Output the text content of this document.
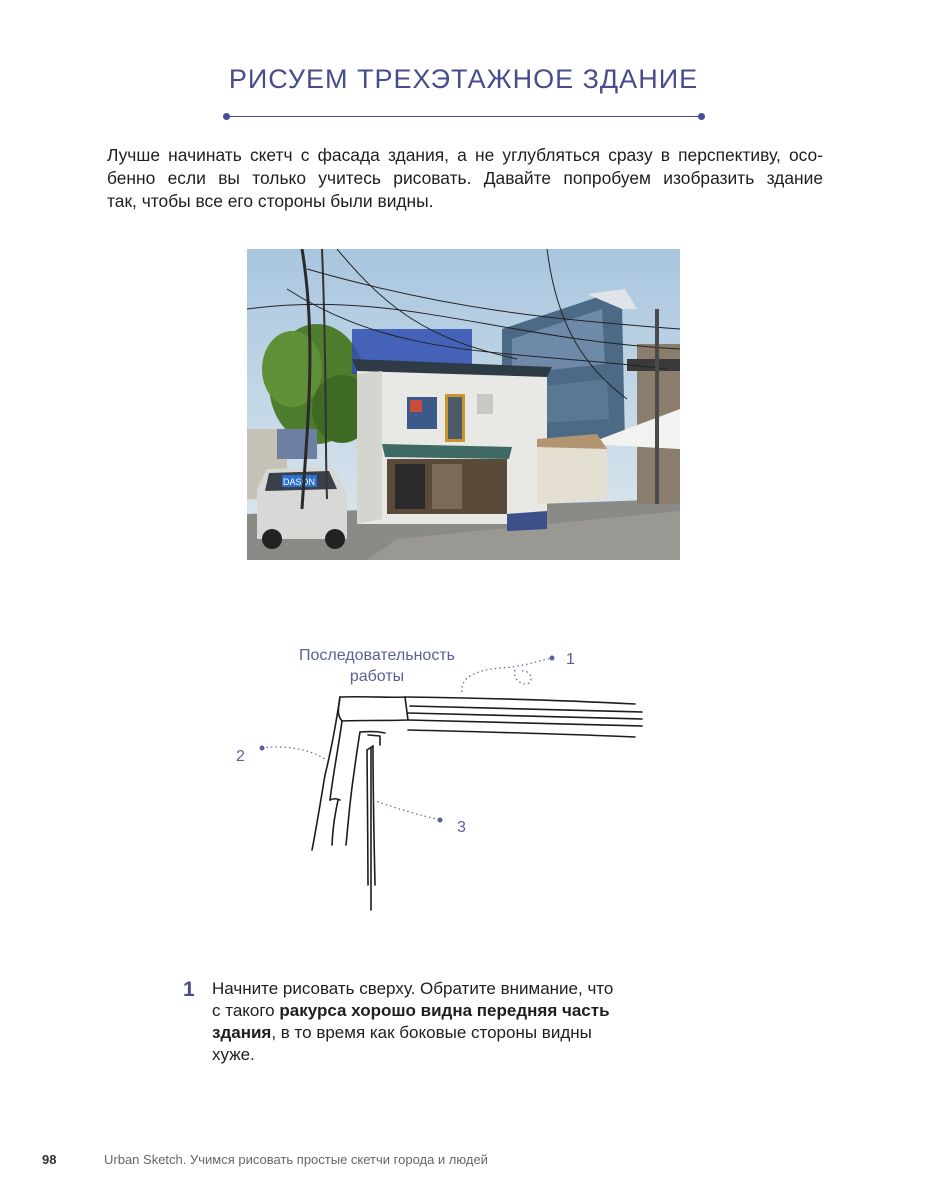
РИСУЕМ ТРЕХЭТАЖНОЕ ЗДАНИЕ
Лучше начинать скетч с фасада здания, а не углубляться сразу в перспективу, осо-
бенно если вы только учитесь рисовать. Давайте попробуем изобразить здание
так, чтобы все его стороны были видны.
DASON
Последовательность
работы
1
2
3
1 Начните рисовать сверху. Обратите внимание, что
с такого ракурса хорошо видна передняя часть
здания, в то время как боковые стороны видны
хуже.
98	Urban Sketch. Учимся рисовать простые скетчи города и людей
